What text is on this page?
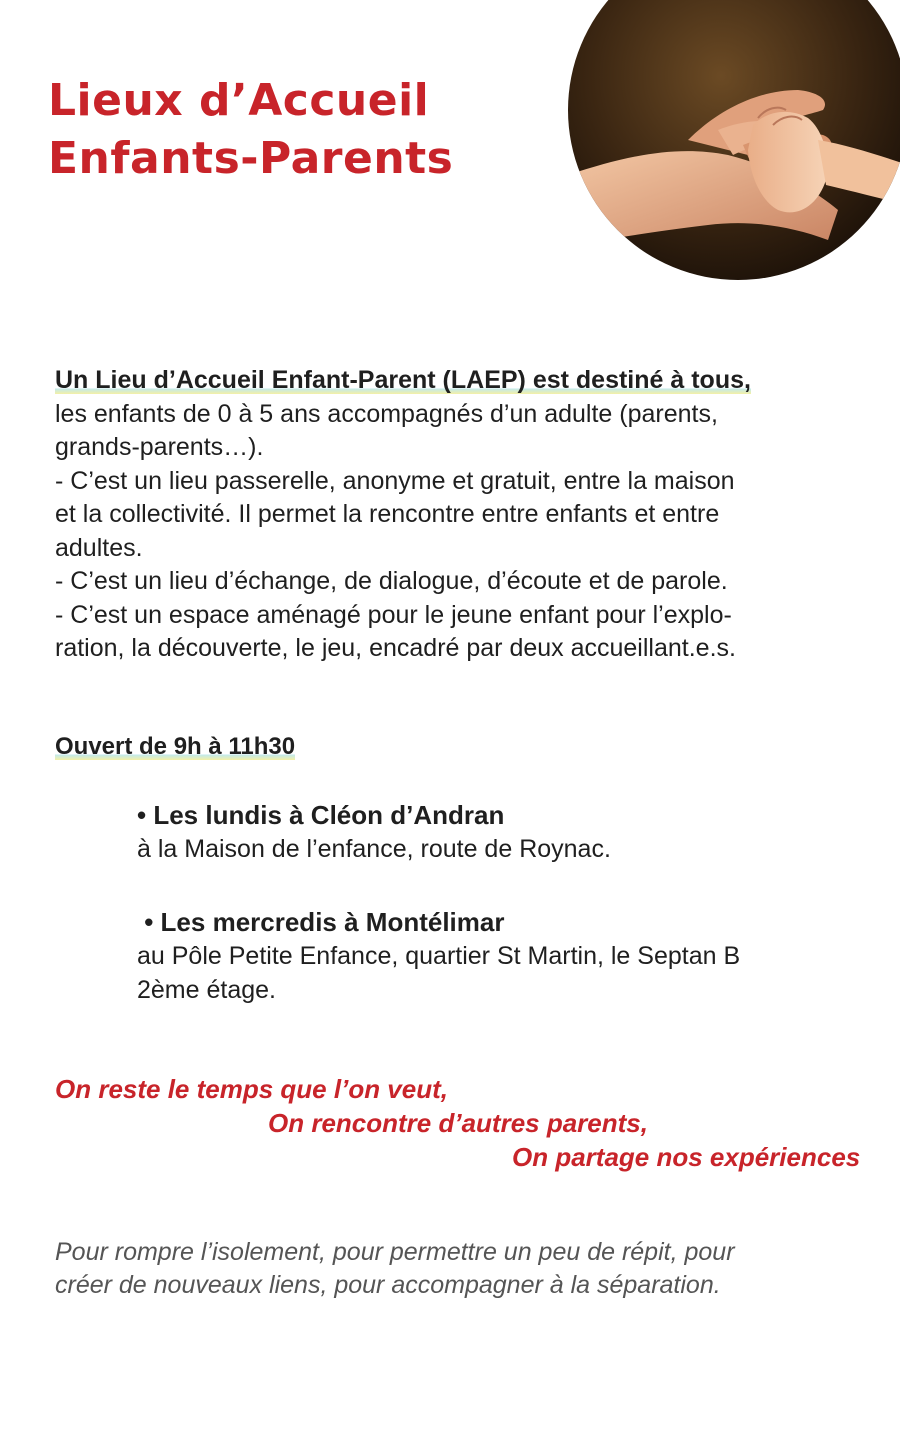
Lieux d’Accueil
Enfants-Parents

Un Lieu d’Accueil Enfant-Parent (LAEP) est destiné à tous,

les enfants de 0 à 5 ans accompagnés d’un adulte (parents,

grands-parents…).

- C’est un lieu passerelle, anonyme et gratuit, entre la maison

et la collectivité. Il permet la rencontre entre enfants et entre

adultes.

- C’est un lieu d’échange, de dialogue, d’écoute et de parole.

- C’est un espace aménagé pour le jeune enfant pour l’explo-

ration, la découverte, le jeu, encadré par deux accueillant.e.s.

Ouvert de 9h à 11h30
• Les lundis à Cléon d’Andran
à la Maison de l’enfance, route de Roynac.
• Les mercredis à Montélimar
au Pôle Petite Enfance, quartier St Martin, le Septan B
2ème étage.
On reste le temps que l’on veut,
On rencontre d’autres parents,
On partage nos expériences

Pour rompre l’isolement, pour permettre un peu de répit, pour

créer de nouveaux liens, pour accompagner à la séparation.
